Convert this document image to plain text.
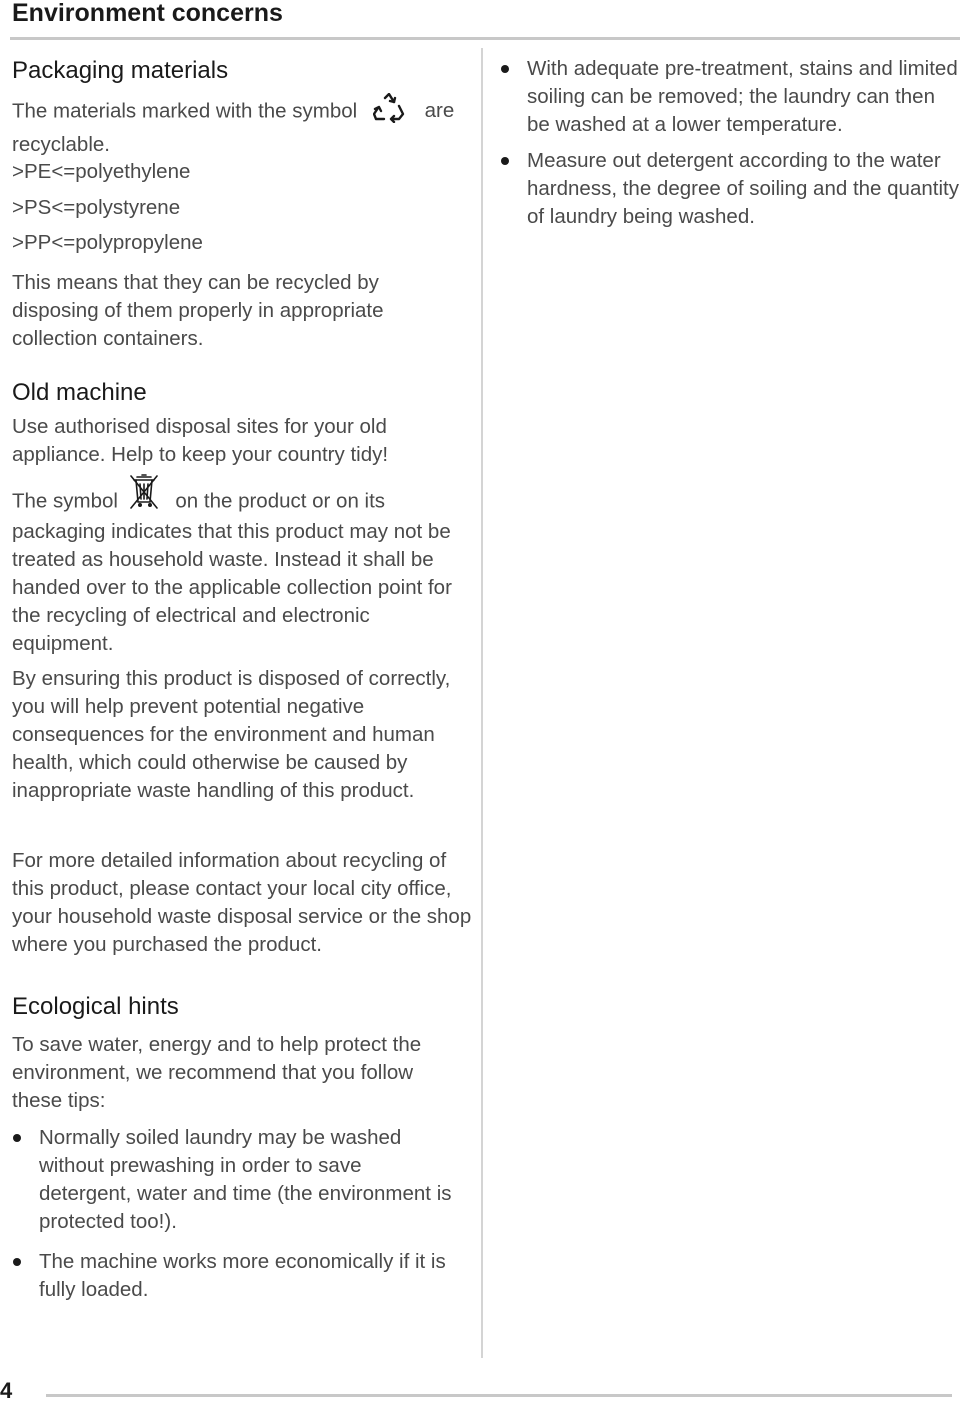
Environment concerns
Packaging materials
The materials marked with the symbol	are
recyclable.
>PE<=polyethylene
>PS<=polystyrene
>PP<=polypropylene
This means that they can be recycled by disposing of them properly in appropriate collection containers.
Old machine
Use authorised disposal sites for your old appliance. Help to keep your country tidy!
The symbol	on the product or on its packaging indicates that this product may not be treated as household waste. Instead it shall be handed over to the applicable collection point for the recycling of electrical and electronic equipment.
By ensuring this product is disposed of correctly, you will help prevent potential negative consequences for the environment and human health, which could otherwise be caused by inappropriate waste handling of this product.
For more detailed information about recycling of this product, please contact your local city office, your household waste disposal service or the shop where you purchased the product.
Ecological hints
To save water, energy and to help protect the environment, we recommend that you follow these tips:
Normally soiled laundry may be washed without prewashing in order to save detergent, water and time (the environment is protected too!).
The machine works more economically if it is fully loaded.
With adequate pre-treatment, stains and limited soiling can be removed; the laundry can then be washed at a lower temperature.
Measure out detergent according to the water hardness, the degree of soiling and the quantity of laundry being washed.
4
